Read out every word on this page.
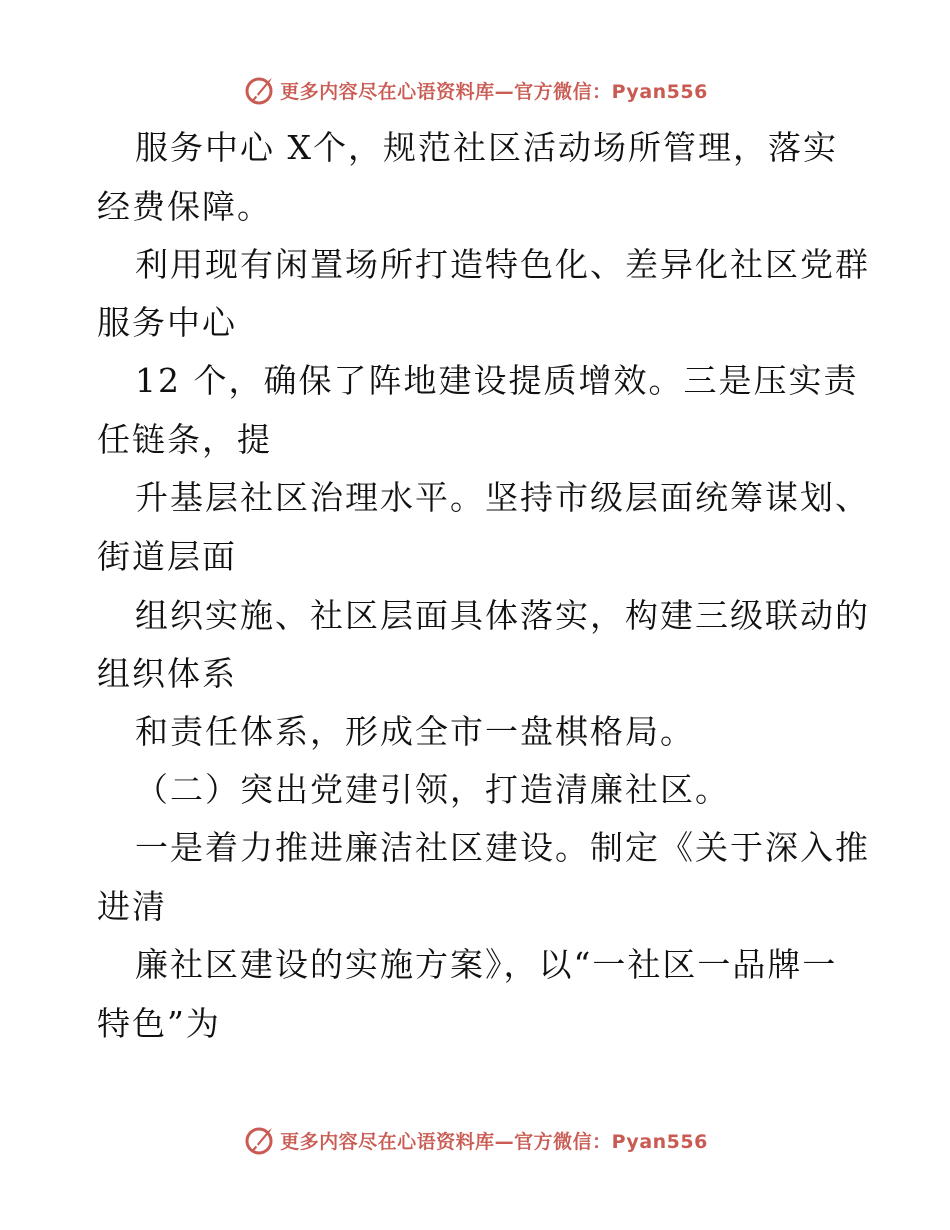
更多内容尽在心语资料库—官方微信：Pyan556
服务中心 X个，规范社区活动场所管理，落实
经费保障。
利用现有闲置场所打造特色化、差异化社区党群
服务中心
12 个，确保了阵地建设提质增效。三是压实责
任链条，提
升基层社区治理水平。坚持市级层面统筹谋划、
街道层面
组织实施、社区层面具体落实，构建三级联动的
组织体系
和责任体系，形成全市一盘棋格局。
（二）突出党建引领，打造清廉社区。
一是着力推进廉洁社区建设。制定《关于深入推
进清
廉社区建设的实施方案》，以“一社区一品牌一
特色”为
更多内容尽在心语资料库—官方微信：Pyan556
